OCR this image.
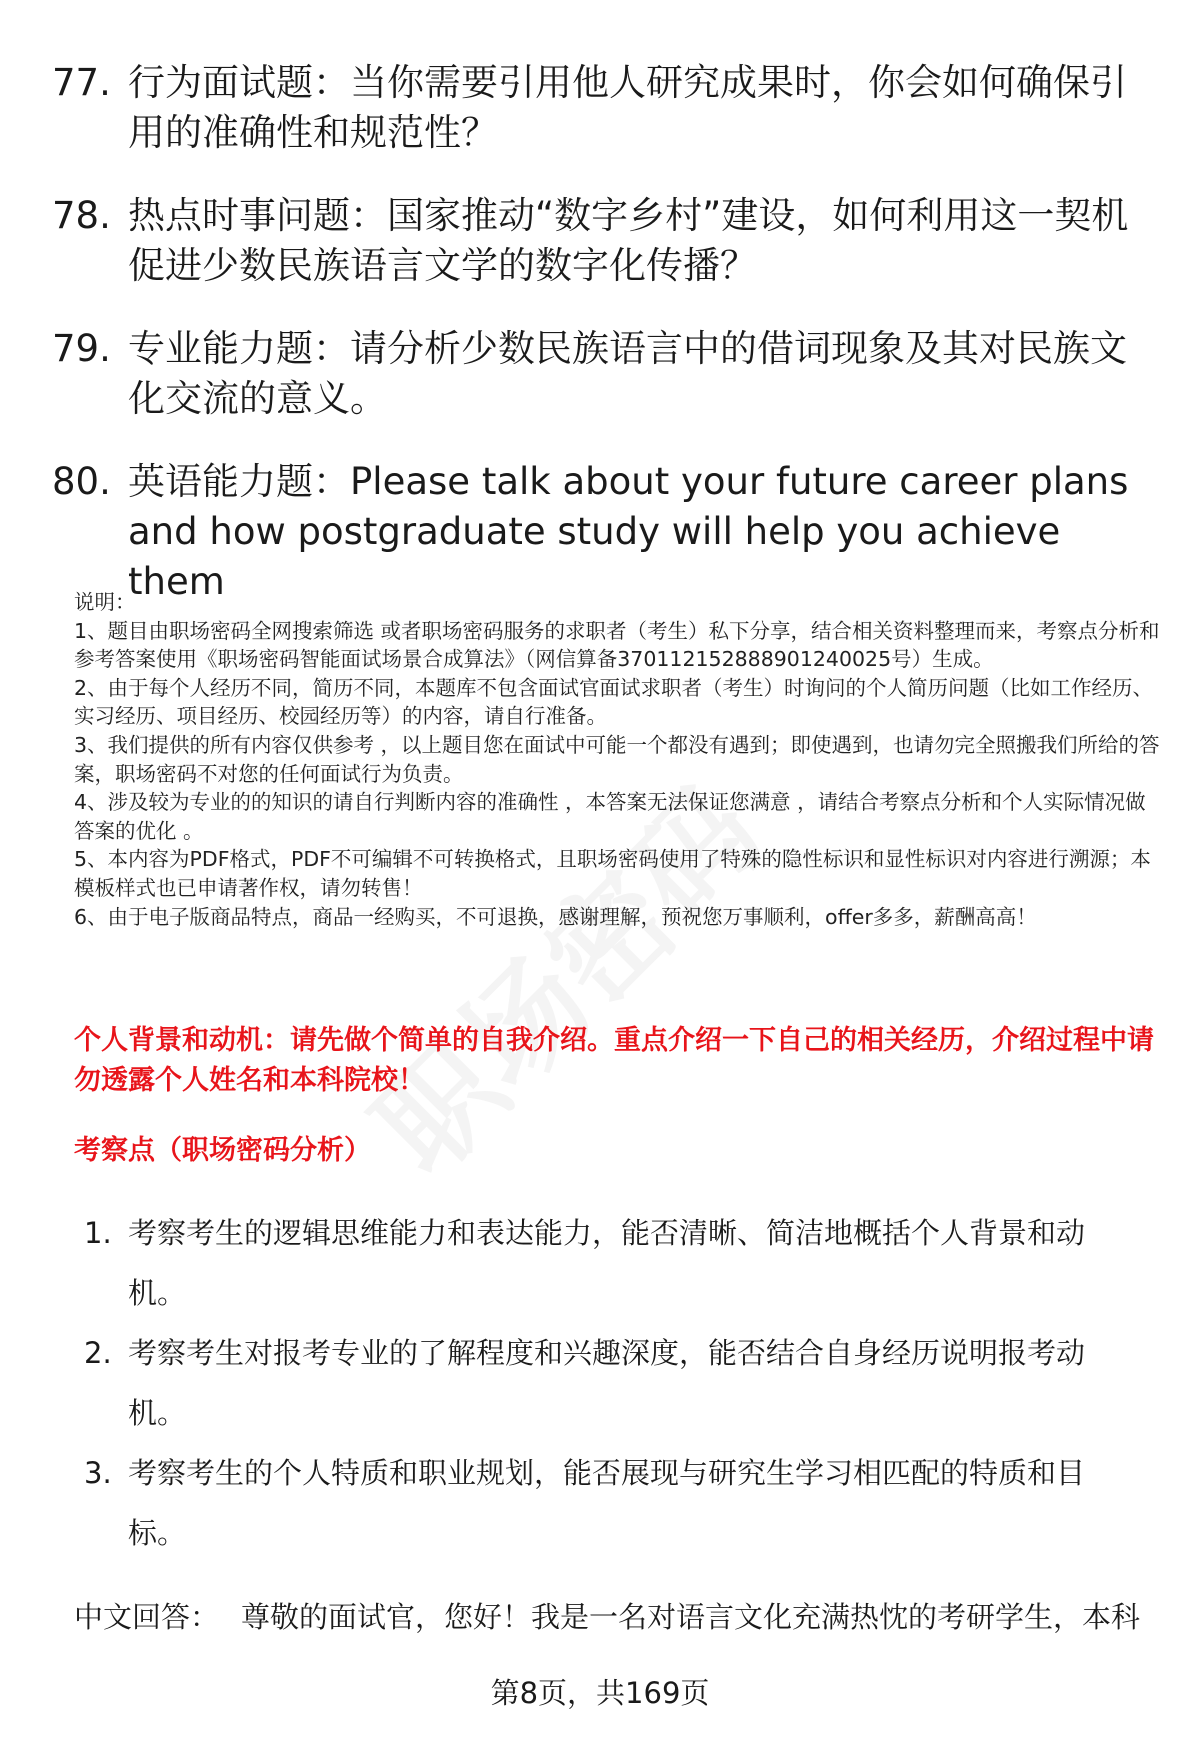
77. 行为面试题：当你需要引用他人研究成果时，你会如何确保引用的准确性和规范性？
78. 热点时事问题：国家推动“数字乡村”建设，如何利用这一契机促进少数民族语言文学的数字化传播？
79. 专业能力题：请分析少数民族语言中的借词现象及其对民族文化交流的意义。
80. 英语能力题：Please talk about your future career plans and how postgraduate study will help you achieve them

说明：

1、题目由职场密码全网搜索筛选 或者职场密码服务的求职者（考生）私下分享，结合相关资料整理而来，考察点分析和参考答案使用《职场密码智能面试场景合成算法》（网信算备370112152888901240025号）生成。

2、由于每个人经历不同，简历不同，本题库不包含面试官面试求职者（考生）时询问的个人简历问题（比如工作经历、实习经历、项目经历、校园经历等）的内容，请自行准备。

3、我们提供的所有内容仅供参考 ，以上题目您在面试中可能一个都没有遇到；即使遇到，也请勿完全照搬我们所给的答案，职场密码不对您的任何面试行为负责。

4、涉及较为专业的的知识的请自行判断内容的准确性 ，本答案无法保证您满意 ，请结合考察点分析和个人实际情况做答案的优化 。

5、本内容为PDF格式，PDF不可编辑不可转换格式，且职场密码使用了特殊的隐性标识和显性标识对内容进行溯源；本模板样式也已申请著作权，请勿转售！

6、由于电子版商品特点，商品一经购买，不可退换，感谢理解，预祝您万事顺利，offer多多，薪酬高高！

个人背景和动机：请先做个简单的自我介绍。重点介绍一下自己的相关经历，介绍过程中请勿透露个人姓名和本科院校！
考察点（职场密码分析）
1. 考察考生的逻辑思维能力和表达能力，能否清晰、简洁地概括个人背景和动机。
2. 考察考生对报考专业的了解程度和兴趣深度，能否结合自身经历说明报考动机。
3. 考察考生的个人特质和职业规划，能否展现与研究生学习相匹配的特质和目标。
中文回答： 尊敬的面试官，您好！我是一名对语言文化充满热忱的考研学生，本科
第8页，共169页
